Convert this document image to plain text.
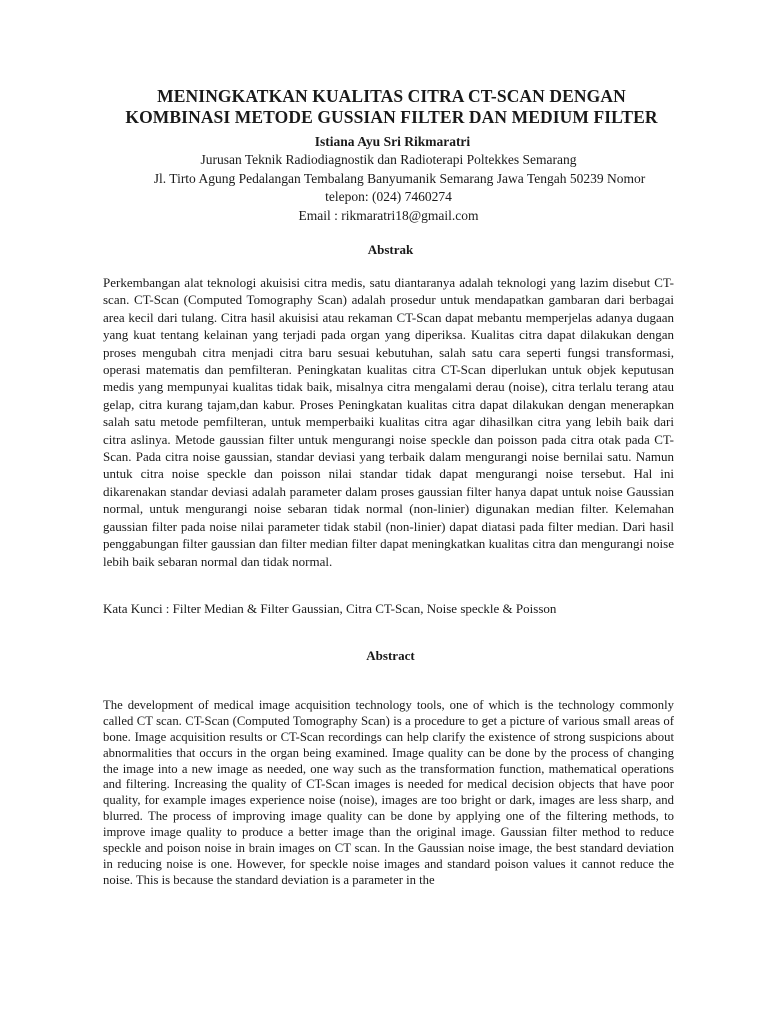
MENINGKATKAN KUALITAS CITRA CT-SCAN DENGAN
KOMBINASI METODE GUSSIAN FILTER DAN MEDIUM FILTER
Istiana Ayu Sri Rikmaratri

Jurusan Teknik Radiodiagnostik dan Radioterapi Poltekkes Semarang

Jl. Tirto Agung Pedalangan Tembalang Banyumanik Semarang Jawa Tengah 50239 Nomor

telepon: (024) 7460274

Email : rikmaratri18@gmail.com

Abstrak

Perkembangan alat teknologi akuisisi citra medis, satu diantaranya adalah teknologi yang lazim disebut CT-scan. CT-Scan (Computed Tomography Scan) adalah prosedur untuk mendapatkan gambaran dari berbagai area kecil dari tulang. Citra hasil akuisisi atau rekaman CT-Scan dapat mebantu memperjelas adanya dugaan yang kuat tentang kelainan yang terjadi pada organ yang diperiksa. Kualitas citra dapat dilakukan dengan proses mengubah citra menjadi citra baru sesuai kebutuhan, salah satu cara seperti fungsi transformasi, operasi matematis dan pemfilteran. Peningkatan kualitas citra CT-Scan diperlukan untuk objek keputusan medis yang mempunyai kualitas tidak baik, misalnya citra mengalami derau (noise), citra terlalu terang atau gelap, citra kurang tajam,dan kabur. Proses Peningkatan kualitas citra dapat dilakukan dengan menerapkan salah satu metode pemfilteran, untuk memperbaiki kualitas citra agar dihasilkan citra yang lebih baik dari citra aslinya. Metode gaussian filter untuk mengurangi noise speckle dan poisson pada citra otak pada CT-Scan. Pada citra noise gaussian, standar deviasi yang terbaik dalam mengurangi noise bernilai satu. Namun untuk citra noise speckle dan poisson nilai standar tidak dapat mengurangi noise tersebut. Hal ini dikarenakan standar deviasi adalah parameter dalam proses gaussian filter hanya dapat untuk noise Gaussian normal, untuk mengurangi noise sebaran tidak normal (non-linier) digunakan median filter. Kelemahan gaussian filter pada noise nilai parameter tidak stabil (non-linier) dapat diatasi pada filter median. Dari hasil penggabungan filter gaussian dan filter median filter dapat meningkatkan kualitas citra dan mengurangi noise lebih baik sebaran normal dan tidak normal.

Kata Kunci : Filter Median & Filter Gaussian, Citra CT-Scan, Noise speckle & Poisson

Abstract

The development of medical image acquisition technology tools, one of which is the technology commonly called CT scan. CT-Scan (Computed Tomography Scan) is a procedure to get a picture of various small areas of bone. Image acquisition results or CT-Scan recordings can help clarify the existence of strong suspicions about abnormalities that occurs in the organ being examined. Image quality can be done by the process of changing the image into a new image as needed, one way such as the transformation function, mathematical operations and filtering. Increasing the quality of CT-Scan images is needed for medical decision objects that have poor quality, for example images experience noise (noise), images are too bright or dark, images are less sharp, and blurred. The process of improving image quality can be done by applying one of the filtering methods, to improve image quality to produce a better image than the original image. Gaussian filter method to reduce speckle and poison noise in brain images on CT scan. In the Gaussian noise image, the best standard deviation in reducing noise is one. However, for speckle noise images and standard poison values it cannot reduce the noise. This is because the standard deviation is a parameter in the
